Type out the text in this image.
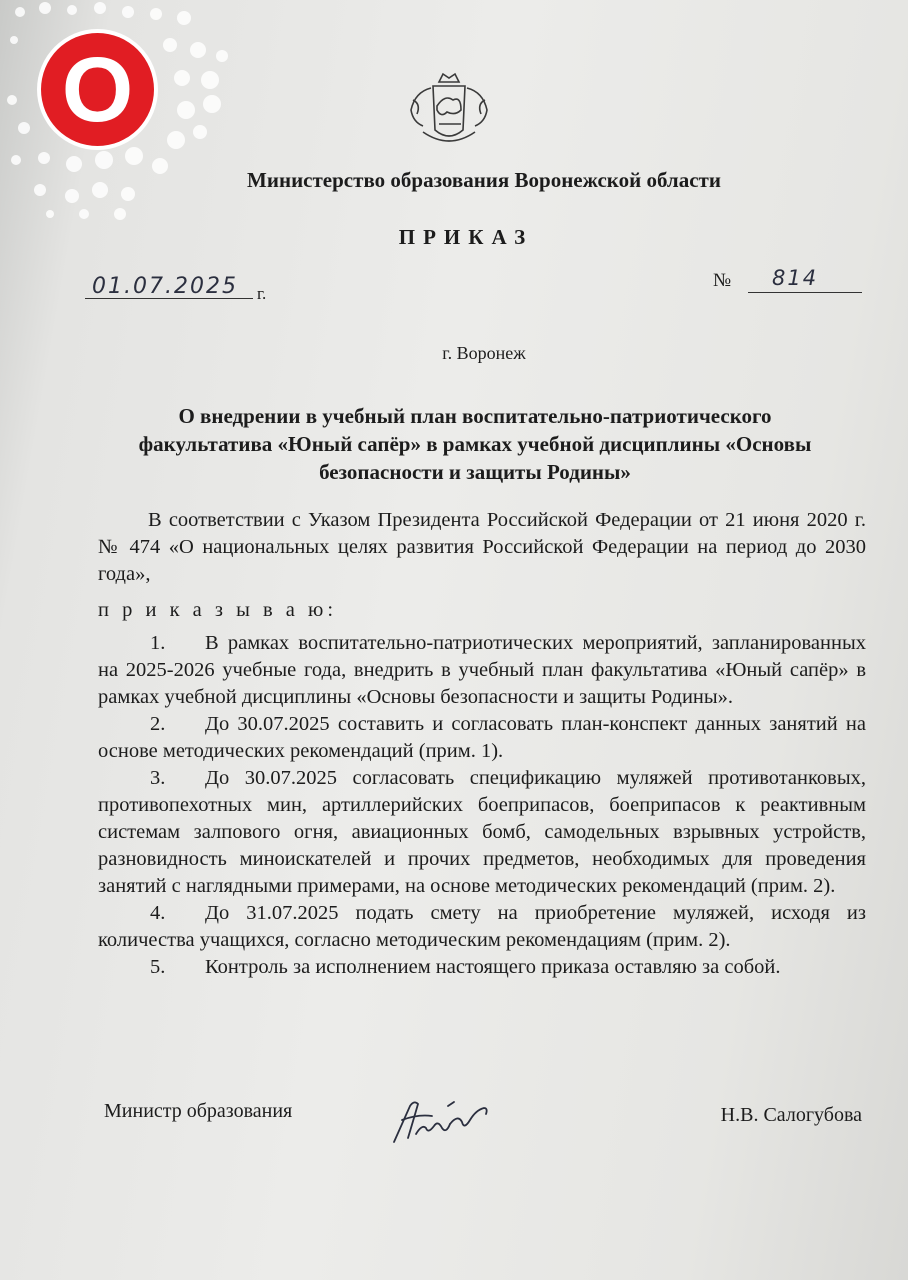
О
Министерство образования Воронежской области
ПРИКАЗ
01.07.2025 г.
№ 814
г. Воронеж
О внедрении в учебный план воспитательно-патриотического факультатива «Юный сапёр» в рамках учебной дисциплины «Основы безопасности и защиты Родины»

В соответствии с Указом Президента Российской Федерации от 21 июня 2020 г. № 474 «О национальных целях развития Российской Федерации на период до 2030 года»,

п р и к а з ы в а ю:

1. В рамках воспитательно-патриотических мероприятий, запланированных на 2025-2026 учебные года, внедрить в учебный план факультатива «Юный сапёр» в рамках учебной дисциплины «Основы безопасности и защиты Родины».
2. До 30.07.2025 составить и согласовать план-конспект данных занятий на основе методических рекомендаций (прим. 1).
3. До 30.07.2025 согласовать спецификацию муляжей противотанковых, противопехотных мин, артиллерийских боеприпасов, боеприпасов к реактивным системам залпового огня, авиационных бомб, самодельных взрывных устройств, разновидность миноискателей и прочих предметов, необходимых для проведения занятий с наглядными примерами, на основе методических рекомендаций (прим. 2).
4. До 31.07.2025 подать смету на приобретение муляжей, исходя из количества учащихся, согласно методическим рекомендациям (прим. 2).
5. Контроль за исполнением настоящего приказа оставляю за собой.
Министр образования	Н.В. Салогубова
